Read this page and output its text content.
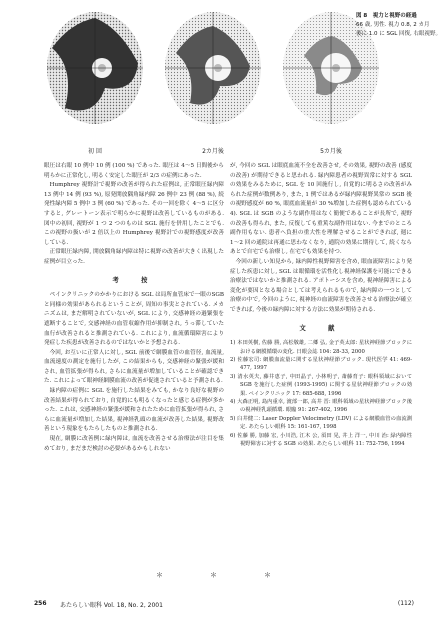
初 回	2カ月後	5カ月後
図 8　視力と視野の経過
66 歳, 男性. 視力 0.8, 2 カ月
後に 1.0 に SGL 回復, 右眼視野。

眼圧は右眼 10 例中 10 例 (100 %) であった. 眼圧は 4〜5 日間後から明らかに正常化し, 明るく安定した眼圧が 2/3 の症例にあった.

Humphrey 視野計で視野の改善が得られた症例は, 正常眼圧緑内障 13 例中 14 例 (93 %), 原発開放隅角緑内障 26 例中 23 例 (88 %), 続発性緑内障 5 例中 3 例 (60 %) であった. その一回を除く 4〜5 に区分すると, グレートーン表示で明らかに視野は改善しているものがある. 図中の初回, 視野が 1 つ 2 つのものは SGL 施行を併用したことでも. この視野の扱いが 2 倍以上の Humphrey 視野計での視野感度が改善している.

正常眼圧緑内障, 開放隅角緑内障は特に視野の改善が大きく出現した症例が目立った.

考　按

ペインクリニックのかかりにおける SGL は局所血管床で一眼のSGB と同様の効果があられるということが, 周知の事実とされている. メカニズムは, まだ解明されていないが, SGL により, 交感神経の過緊張を遮断することで, 交感神経の血管収縮作用が抑制され, うっ滞していた血行が改善されると推測されている. これにより, 血流循環障害により発症した疾患が改善されるのではないかと予想される.

今回, お互いに正常人に対し, SGL 前後で網膜血管の血管径, 血流量, 血流速度の測定を施行したが, この結果からも, 交感神経の緊張が緩和され, 血管拡張が得られ, さらに血流量が増加していることが確認できた. これによって眼神経網膜血流の改善が促進されていると予測される.

緑内障の症例に SGL を施行した結果をみても, かなり良好な視野の改善結果が得られており, 自覚的にも明るくなったと感じる症例が多かった. これは, 交感神経の緊張が緩和されたために血管拡張が得られ, さらに血流量が増加した結果, 視神経乳頭の血流が改善した結果, 視野改善という現象をもたらしたものと推測される.

現在, 網膜に改善例に緑内障は, 血流を改善させる治療法が注目を集めており, まだまだ検討の必要があるかもしれない

が, 今回の SGL は眼底血流不全を改善させ, その効果, 視野の改善 (感度の改善) が期待できると思われる. 緑内障患者の視野異常に対する SGL の効果をみるために, SGL を 10 回施行し, 自覚的に明るさの改善がみられた症例が数例あり, また, 1 例ではあるが緑内障視野異常の SGB 後の視野感度が 60 %, 眼底血流量が 30 %増加した症例も認められている4). SGL は SGB のような副作用はなく簡便であることが長所で, 視野の改善も得られ, また, 反復しても重篤な副作用はない. 今までのところ副作用もない. 患者へ負担の重大性を理解させることができれば, 週に 1〜2 回の通院は再通に思わなくなり, 通院の効果に期待して, 続くならあとで自宅でも治療し, 在宅でも効果を持つ.

今回の新しい知見から, 緑内障性視野障害を含め, 眼血流障害により発症した疾患に対し, SGL は眼循環を活性化し視神経保護を可能にできる治療法ではないかと推測される. アポトーシスを含め, 視神経障害による変化が要因となる場合としては考えられるもので, 緑内障の一つとして治療の中で, 今回のように, 視神経の血流障害を改善させる治療法が確立できれば, 今後の緑内障に対する方法に効果が期待される.

文　献
1) 本田英樹, 佐藤 勝, 高松敬雄, 二郷 弘, 金子英太郎: 星状神経節ブロックにおける網膜循環の変化. 日眼会誌 104: 28-33, 2000
2) 佐藤宏司: 網膜血流量に関する星状神経節ブロック. 現代医学 41: 469-477, 1997
3) 清水英夫, 藤井恵子, 中田晶子, 小林明子, 斎藤育子: 眼科領域において SGB を施行した症例 (1993-1995) に関する星状神経節ブロックの効果. ペインクリニック 17: 685-688, 1996
4) 大森正明, 島内重幸, 渡部一郎, 高井 晋: 眼科領域の星状神経節ブロック後の視神経乳頭循環. 眼臨 91: 267-402, 1996
5) 臼井健二: Laser Doppler Velocimetry (LDV) による網膜血管の血流測定. あたらしい眼科 15: 161-167, 1998
6) 佐藤 勝, 加藤 宏, 小川浩, 江木 公, 須田 晃, 井上 洋一, 中川 治: 緑内障性視野障害に対する SGB の効果. あたらしい眼科 11: 752-756, 1994
＊　＊　＊
256 あたらしい眼科 Vol. 18, No. 2, 2001	(112)
